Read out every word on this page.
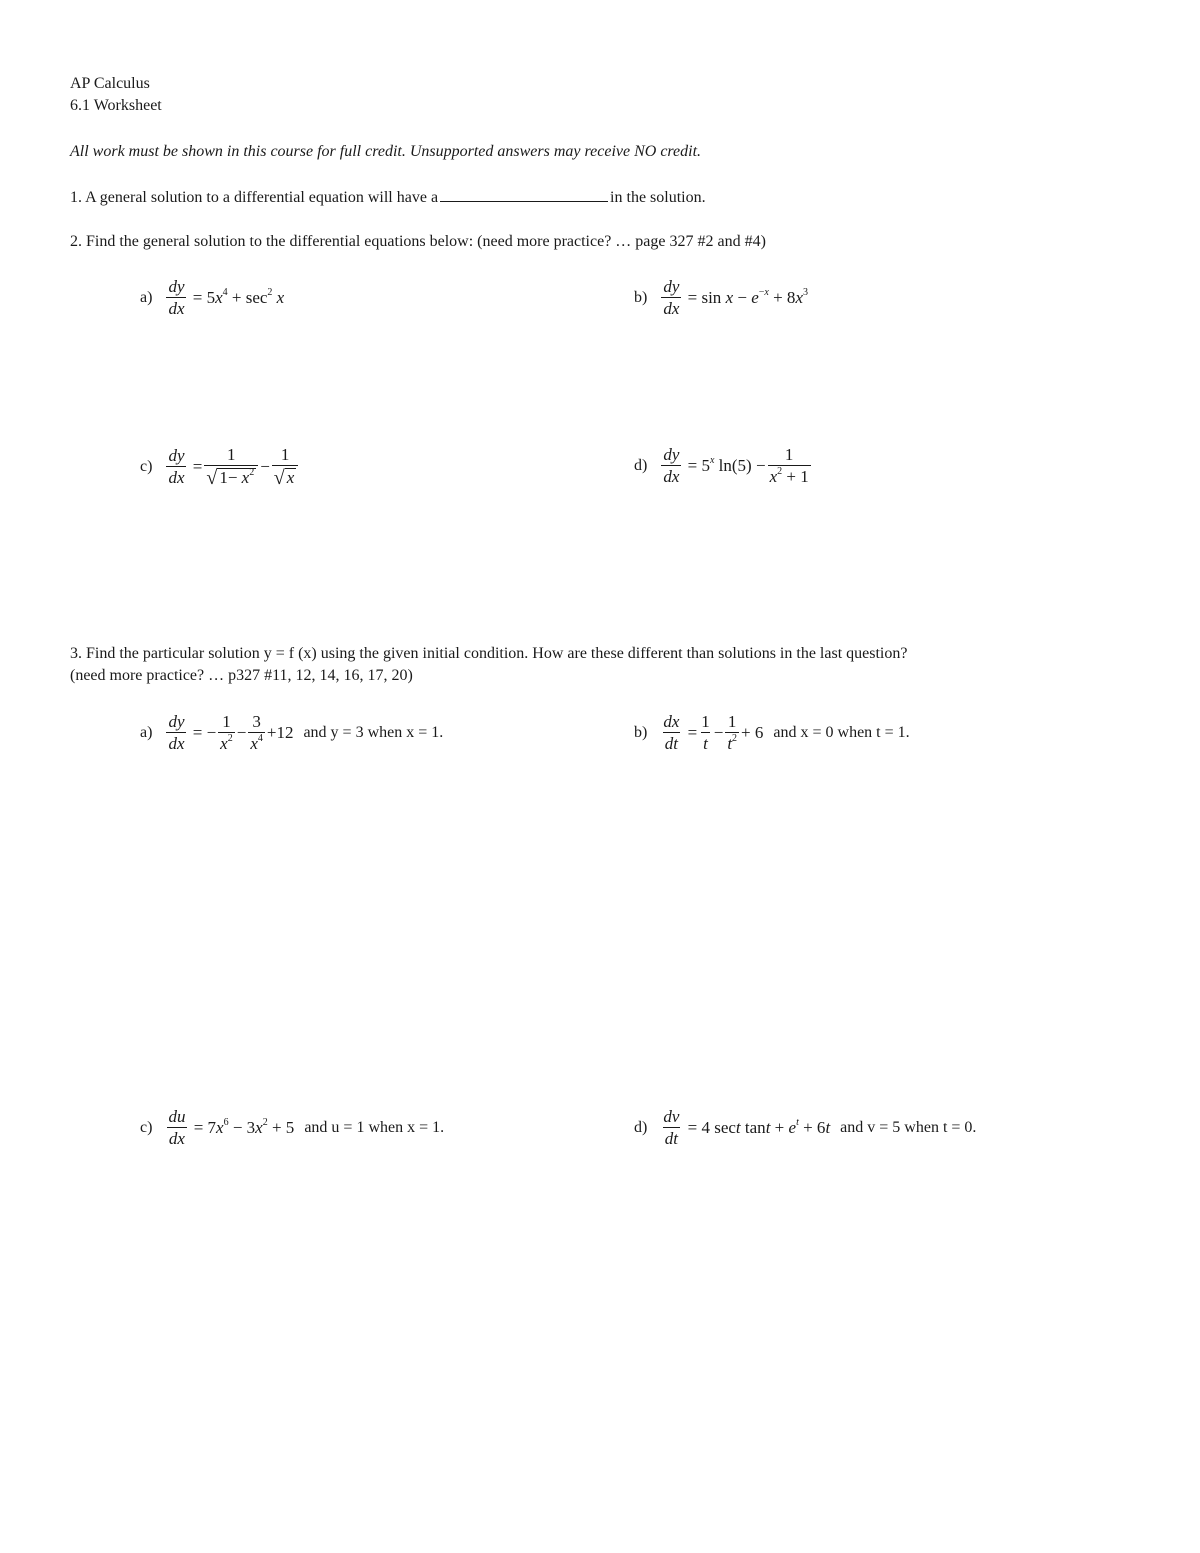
AP Calculus
6.1 Worksheet
All work must be shown in this course for full credit. Unsupported answers may receive NO credit.
1. A general solution to a differential equation will have a	in the solution.
2. Find the general solution to the differential equations below: (need more practice? … page 327 #2 and #4)
$a) \frac{dy}{dx} = 5x^4 + \sec^2 x$	$b) \frac{dy}{dx} = \sin x - e^{-x} + 8x^3$
$c) \frac{dy}{dx} = \frac{1}{√ 1- x^2} - \frac{1}{√ x}$	$d) \frac{dy}{dx} = 5^x$ $\ln(5) - \frac{1}{x^2 + 1}$
3. Find the particular solution y = f (x) using the given initial condition. How are these different than solutions in the last question?
(need more practice? … p327 #11, 12, 14, 16, 17, 20)
$a) \frac{dy}{dx}$ = − $\frac{1}{x^2} - \frac{3}{x^4} +12$ and y = 3 when x = 1.	$b) \frac{dx}{dt} = \frac{1}{t} - \frac{1}{t^2} + 6$ and x = 0 when t = 1.
$c) \frac{du}{dx} = 7x^6 - 3x^2 + 5$ and u = 1 when x = 1.	$d) \frac{dv}{dt} = 4$ sect $\tan t + e^t + 6t$ and v = 5 when t = 0.
